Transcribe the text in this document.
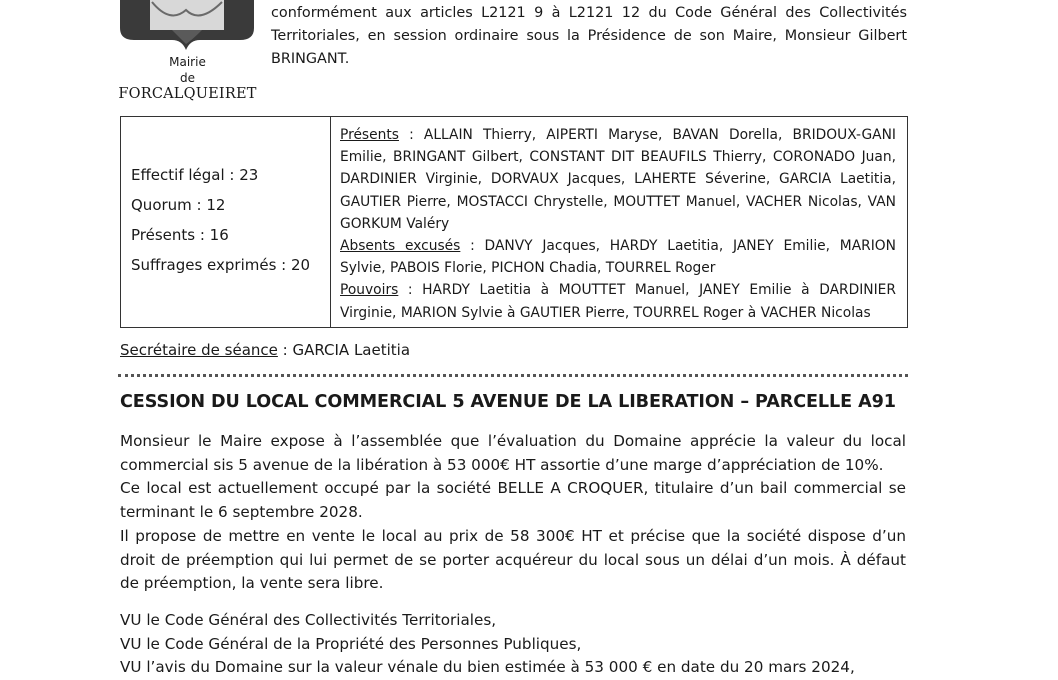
Mairie
de
FORCALQUEIRET
conformément aux articles L2121 9 à L2121 12 du Code Général des Collectivités Territoriales, en session ordinaire sous la Présidence de son Maire, Monsieur Gilbert BRINGANT.
Effectif légal : 23
Quorum : 12
Présents : 16
Suffrages exprimés : 20
Présents : ALLAIN Thierry, AIPERTI Maryse, BAVAN Dorella, BRIDOUX-GANI Emilie, BRINGANT Gilbert, CONSTANT DIT BEAUFILS Thierry, CORONADO Juan, DARDINIER Virginie, DORVAUX Jacques, LAHERTE Séverine, GARCIA Laetitia, GAUTIER Pierre, MOSTACCI Chrystelle, MOUTTET Manuel, VACHER Nicolas, VAN GORKUM Valéry
Absents excusés : DANVY Jacques, HARDY Laetitia, JANEY Emilie, MARION Sylvie, PABOIS Florie, PICHON Chadia, TOURREL Roger
Pouvoirs : HARDY Laetitia à MOUTTET Manuel, JANEY Emilie à DARDINIER Virginie, MARION Sylvie à GAUTIER Pierre, TOURREL Roger à VACHER Nicolas
Secrétaire de séance : GARCIA Laetitia
CESSION DU LOCAL COMMERCIAL 5 AVENUE DE LA LIBERATION – PARCELLE A91

Monsieur le Maire expose à l’assemblée que l’évaluation du Domaine apprécie la valeur du local commercial sis 5 avenue de la libération à 53 000€ HT assortie d’une marge d’appréciation de 10%.

Ce local est actuellement occupé par la société BELLE A CROQUER, titulaire d’un bail commercial se terminant le 6 septembre 2028.

Il propose de mettre en vente le local au prix de 58 300€ HT et précise que la société dispose d’un droit de préemption qui lui permet de se porter acquéreur du local sous un délai d’un mois. À défaut de préemption, la vente sera libre.

VU le Code Général des Collectivités Territoriales,
VU le Code Général de la Propriété des Personnes Publiques,
VU l’avis du Domaine sur la valeur vénale du bien estimée à 53 000 € en date du 20 mars 2024,
